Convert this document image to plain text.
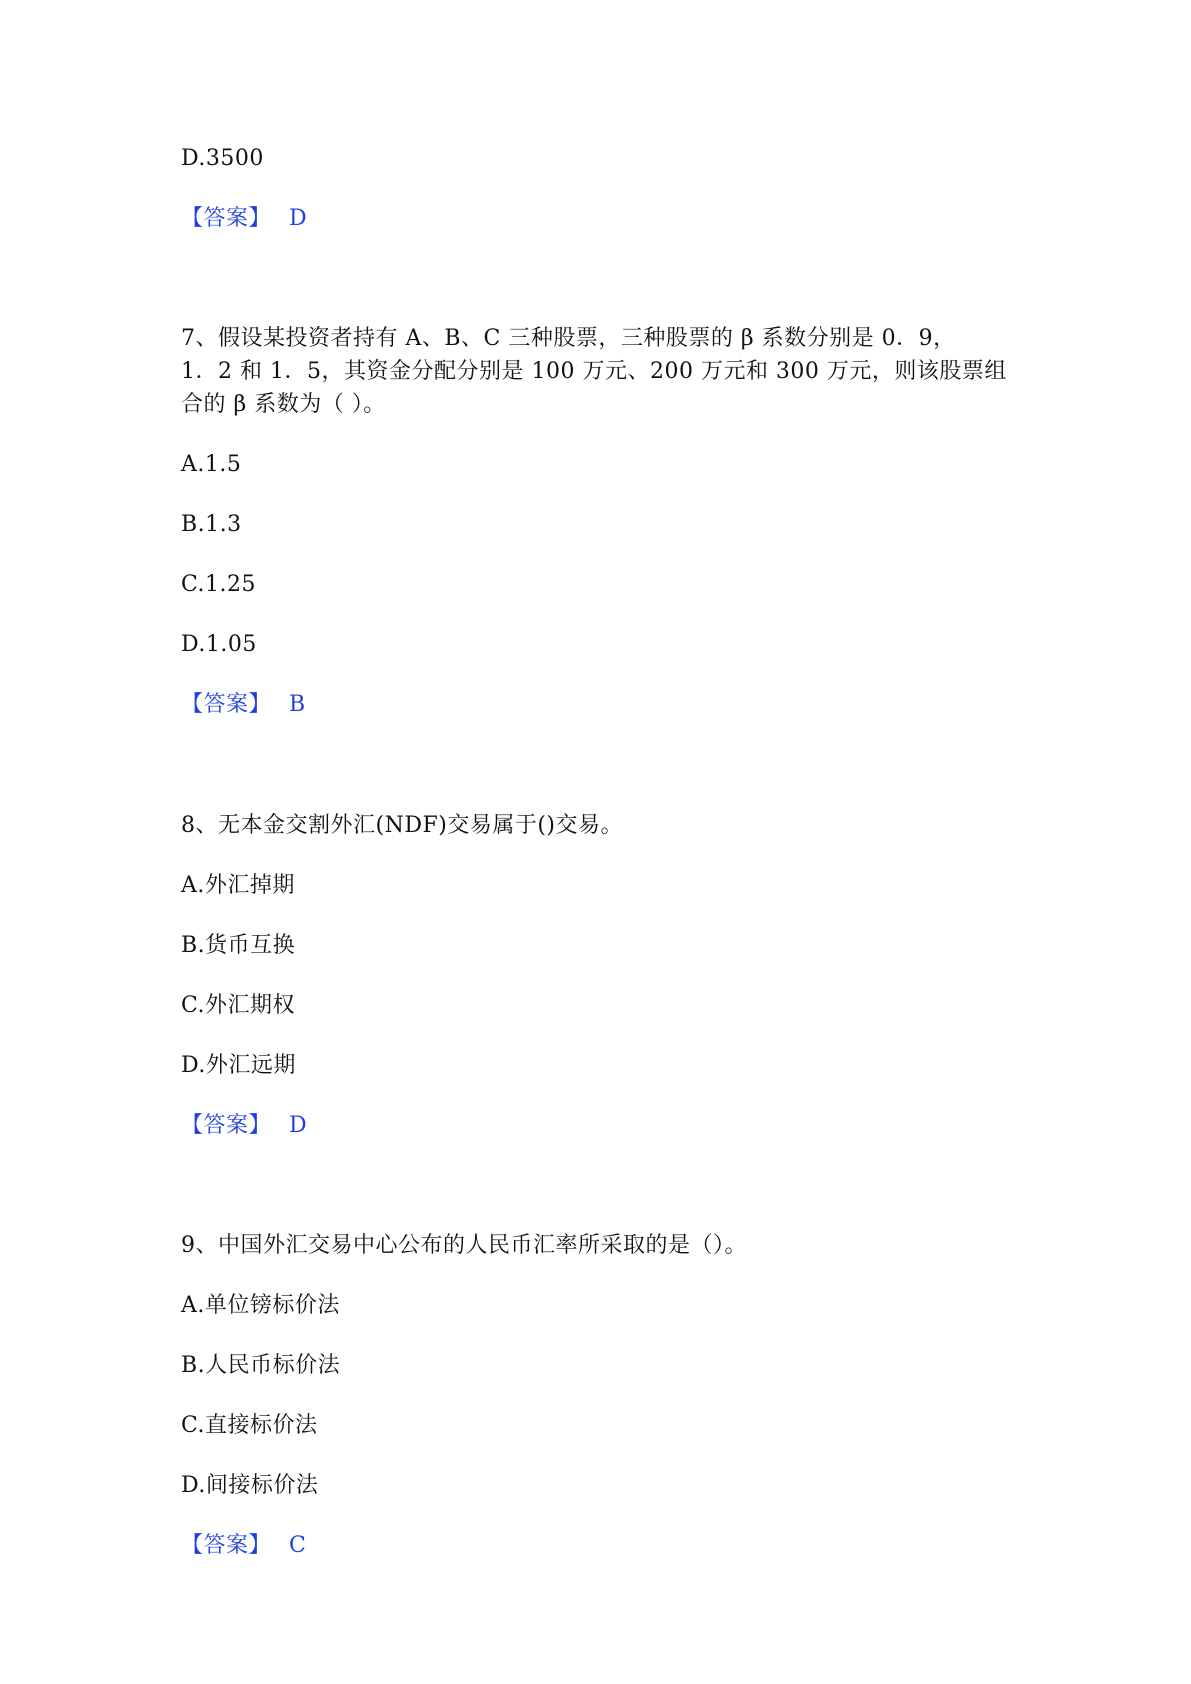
D.3500
【答案】 D
7、假设某投资者持有 A、B、C 三种股票，三种股票的 β 系数分别是 0．9，
1．2 和 1．5，其资金分配分别是 100 万元、200 万元和 300 万元，则该股票组
合的 β 系数为（ ）。
A.1.5
B.1.3
C.1.25
D.1.05
【答案】 B
8、无本金交割外汇(NDF)交易属于()交易。
A.外汇掉期
B.货币互换
C.外汇期权
D.外汇远期
【答案】 D
9、中国外汇交易中心公布的人民币汇率所采取的是（）。
A.单位镑标价法
B.人民币标价法
C.直接标价法
D.间接标价法
【答案】 C
